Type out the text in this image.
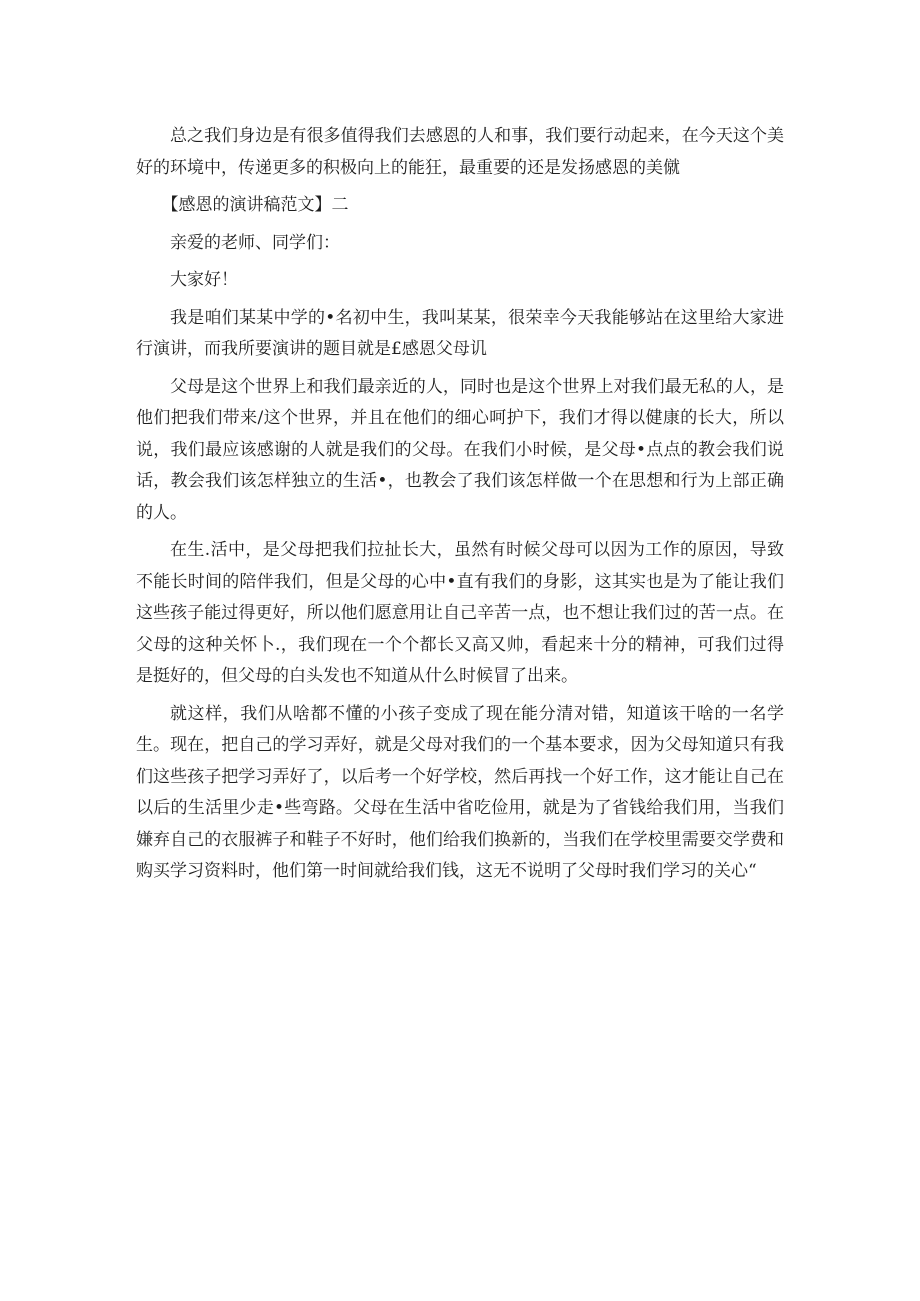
总之我们身边是有很多值得我们去感恩的人和事，我们要行动起来，在今天这个美好的环境中，传递更多的积极向上的能狂，最重要的还是发扬感恩的美僦

【感恩的演讲稿范文】二

亲爱的老师、同学们：

大家好！

我是咱们某某中学的•名初中生，我叫某某，很荣幸今天我能够站在这里给大家进行演讲，而我所要演讲的题目就是£感恩父母讥

父母是这个世界上和我们最亲近的人，同时也是这个世界上对我们最无私的人，是他们把我们带来/这个世界，并且在他们的细心呵护下，我们才得以健康的长大，所以说，我们最应该感谢的人就是我们的父母。在我们小时候，是父母•点点的教会我们说话，教会我们该怎样独立的生活•，也教会了我们该怎样做一个在思想和行为上部正确的人。

在生.活中，是父母把我们拉扯长大，虽然有时候父母可以因为工作的原因，导致不能长时间的陪伴我们，但是父母的心中•直有我们的身影，这其实也是为了能让我们这些孩子能过得更好，所以他们愿意用让自己辛苦一点，也不想让我们过的苦一点。在父母的这种关怀卜.，我们现在一个个都长又高又帅，看起来十分的精神，可我们过得是挺好的，但父母的白头发也不知道从什么时候冒了出来。

就这样，我们从啥都不懂的小孩子变成了现在能分清对错，知道该干啥的一名学生。现在，把自己的学习弄好，就是父母对我们的一个基本要求，因为父母知道只有我们这些孩子把学习弄好了，以后考一个好学校，然后再找一个好工作，这才能让自己在以后的生活里少走•些弯路。父母在生活中省吃俭用，就是为了省钱给我们用，当我们嫌弃自己的衣服裤子和鞋子不好时，他们给我们换新的，当我们在学校里需要交学费和购买学习资料时，他们第一时间就给我们钱，这无不说明了父母时我们学习的关心“
